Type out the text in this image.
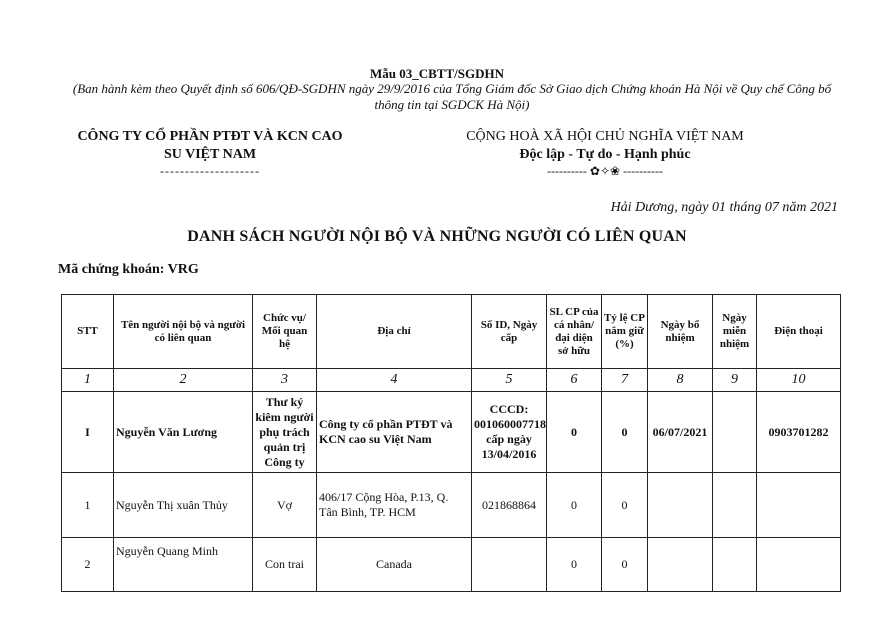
Mẫu 03_CBTT/SGDHN
(Ban hành kèm theo Quyết định số 606/QĐ-SGDHN ngày 29/9/2016 của Tổng Giám đốc Sở Giao dịch Chứng khoán Hà Nội về Quy chế Công bố thông tin tại SGDCK Hà Nội)
CÔNG TY CỔ PHẦN PTĐT VÀ KCN CAO
SU VIỆT NAM
--------------------
CỘNG HOÀ XÃ HỘI CHỦ NGHĨA VIỆT NAM
Độc lập - Tự do - Hạnh phúc
---------- ✿✧❀ ----------
Hải Dương, ngày 01 tháng 07 năm 2021
DANH SÁCH NGƯỜI NỘI BỘ VÀ NHỮNG NGƯỜI CÓ LIÊN QUAN
Mã chứng khoán: VRG
STT	Tên người nội bộ và người có liên quan	Chức vụ/ Mối quan hệ	Địa chỉ	Số ID, Ngày cấp	SL CP của cá nhân/đại diện sở hữu	Tỷ lệ CP nắm giữ (%)	Ngày bổ nhiệm	Ngày miễn nhiệm	Điện thoại
1	2	3	4	5	6	7	8	9	10
I	Nguyễn Văn Lương	Thư ký kiêm người phụ trách quản trị Công ty	Công ty cổ phần PTĐT và KCN cao su Việt Nam	CCCD: 001060007718 cấp ngày 13/04/2016	0	0	06/07/2021		0903701282
1	Nguyễn Thị xuân Thủy	Vợ	406/17 Cộng Hòa, P.13, Q. Tân Bình, TP. HCM	021868864	0	0			
2	Nguyễn Quang Minh	Con trai	Canada		0	0			
